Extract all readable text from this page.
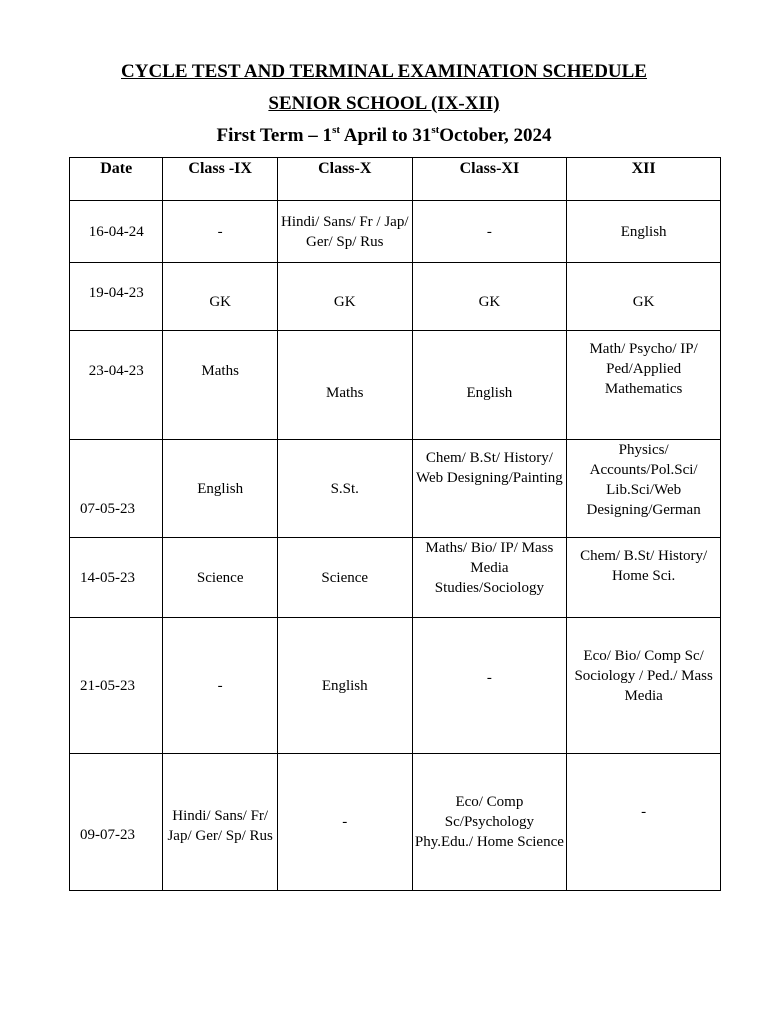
CYCLE TEST AND TERMINAL EXAMINATION SCHEDULE
SENIOR SCHOOL (IX-XII)
First Term – 1st April to 31stOctober, 2024
Date	Class -IX	Class-X	Class-XI	XII
16-04-24	-	Hindi/ Sans/ Fr / Jap/ Ger/ Sp/ Rus	-	English
19-04-23	GK	GK	GK	GK
23-04-23	Maths	Maths	English	Math/ Psycho/ IP/ Ped/Applied Mathematics
07-05-23	English	S.St.	Chem/ B.St/ History/ Web Designing/Painting	Physics/ Accounts/Pol.Sci/ Lib.Sci/Web Designing/German
14-05-23	Science	Science	Maths/ Bio/ IP/ Mass Media Studies/Sociology	Chem/ B.St/ History/ Home Sci.
21-05-23	-	English	-	Eco/ Bio/ Comp Sc/ Sociology / Ped./ Mass Media
09-07-23	Hindi/ Sans/ Fr/ Jap/ Ger/ Sp/ Rus	-	Eco/ Comp Sc/Psychology Phy.Edu./ Home Science	-
